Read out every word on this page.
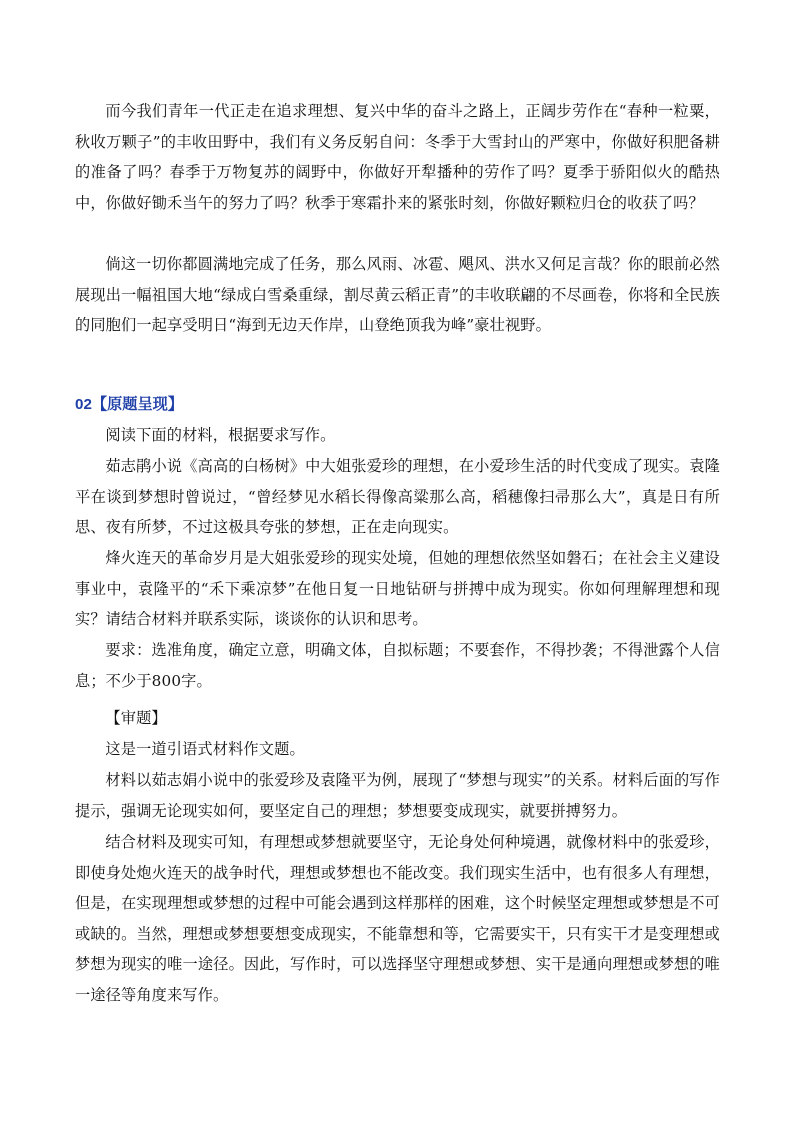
而今我们青年一代正走在追求理想、复兴中华的奋斗之路上，正阔步劳作在“春种一粒粟，秋收万颗子”的丰收田野中，我们有义务反躬自问：冬季于大雪封山的严寒中，你做好积肥备耕的准备了吗？春季于万物复苏的阔野中，你做好开犁播种的劳作了吗？夏季于骄阳似火的酷热中，你做好锄禾当午的努力了吗？秋季于寒霜扑来的紧张时刻，你做好颗粒归仓的收获了吗？

倘这一切你都圆满地完成了任务，那么风雨、冰雹、飓风、洪水又何足言哉？你的眼前必然展现出一幅祖国大地“绿成白雪桑重绿，割尽黄云稻正青”的丰收联翩的不尽画卷，你将和全民族的同胞们一起享受明日“海到无边天作岸，山登绝顶我为峰”豪壮视野。

02【原题呈现】

阅读下面的材料，根据要求写作。

茹志鹃小说《高高的白杨树》中大姐张爱珍的理想，在小爱珍生活的时代变成了现实。袁隆平在谈到梦想时曾说过，“曾经梦见水稻长得像高粱那么高，稻穗像扫帚那么大”，真是日有所思、夜有所梦，不过这极具夸张的梦想，正在走向现实。

烽火连天的革命岁月是大姐张爱珍的现实处境，但她的理想依然坚如磐石；在社会主义建设事业中，袁隆平的“禾下乘凉梦”在他日复一日地钻研与拼搏中成为现实。你如何理解理想和现实？请结合材料并联系实际，谈谈你的认识和思考。

要求：选准角度，确定立意，明确文体，自拟标题；不要套作，不得抄袭；不得泄露个人信息；不少于800字。

【审题】

这是一道引语式材料作文题。

材料以茹志娟小说中的张爱珍及袁隆平为例，展现了“梦想与现实”的关系。材料后面的写作提示，强调无论现实如何，要坚定自己的理想；梦想要变成现实，就要拼搏努力。

结合材料及现实可知，有理想或梦想就要坚守，无论身处何种境遇，就像材料中的张爱珍，即使身处炮火连天的战争时代，理想或梦想也不能改变。我们现实生活中，也有很多人有理想，但是，在实现理想或梦想的过程中可能会遇到这样那样的困难，这个时候坚定理想或梦想是不可或缺的。当然，理想或梦想要想变成现实，不能靠想和等，它需要实干，只有实干才是变理想或梦想为现实的唯一途径。因此，写作时，可以选择坚守理想或梦想、实干是通向理想或梦想的唯一途径等角度来写作。
